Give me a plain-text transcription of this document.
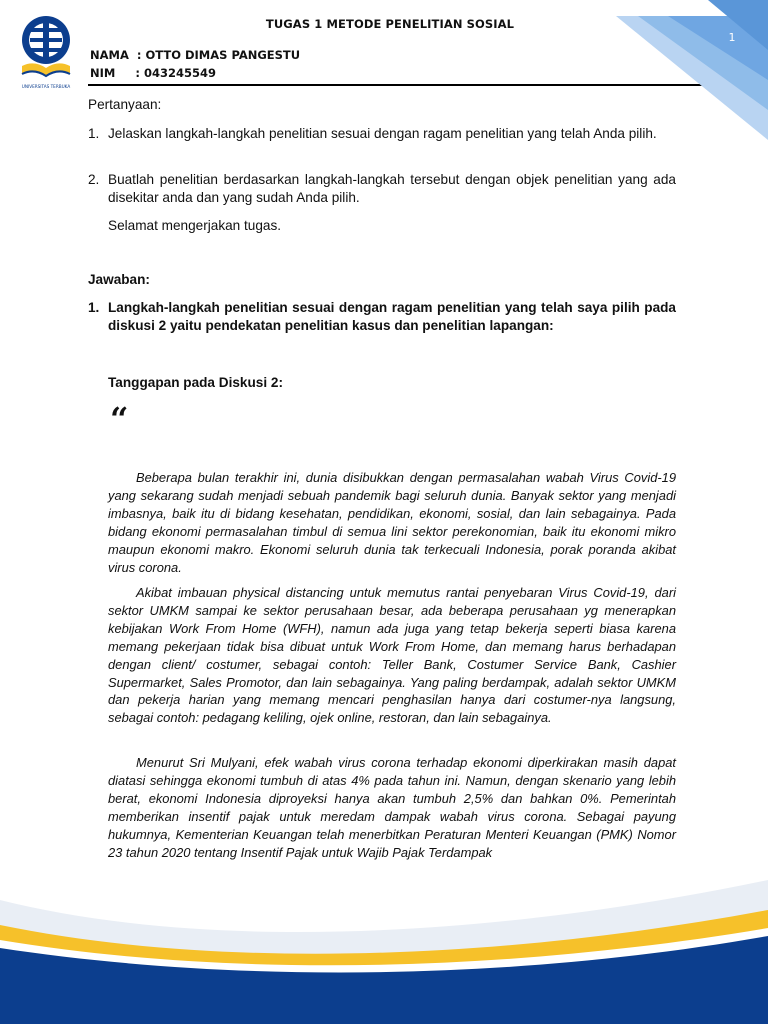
UNIVERSITAS TERBUKA
TUGAS 1 METODE PENELITIAN SOSIAL
NAMA  : OTTO DIMAS PANGESTU
NIM     : 043245549
1
Pertanyaan:
1. Jelaskan langkah-langkah penelitian sesuai dengan ragam penelitian yang telah Anda pilih.
2. Buatlah penelitian berdasarkan langkah-langkah tersebut dengan objek penelitian yang ada disekitar anda dan yang sudah Anda pilih.
Selamat mengerjakan tugas.
Jawaban:
1. Langkah-langkah penelitian sesuai dengan ragam penelitian yang telah saya pilih pada diskusi 2 yaitu pendekatan penelitian kasus dan penelitian lapangan:
Tanggapan pada Diskusi 2:
“
Beberapa bulan terakhir ini, dunia disibukkan dengan permasalahan wabah Virus Covid-19 yang sekarang sudah menjadi sebuah pandemik bagi seluruh dunia. Banyak sektor yang menjadi imbasnya, baik itu di bidang kesehatan, pendidikan, ekonomi, sosial, dan lain sebagainya. Pada bidang ekonomi permasalahan timbul di semua lini sektor perekonomian, baik itu ekonomi mikro maupun ekonomi makro. Ekonomi seluruh dunia tak terkecuali Indonesia, porak poranda akibat virus corona.
Akibat imbauan physical distancing untuk memutus rantai penyebaran Virus Covid-19, dari sektor UMKM sampai ke sektor perusahaan besar, ada beberapa perusahaan yg menerapkan kebijakan Work From Home (WFH), namun ada juga yang tetap bekerja seperti biasa karena memang pekerjaan tidak bisa dibuat untuk Work From Home, dan memang harus berhadapan dengan client/ costumer, sebagai contoh: Teller Bank, Costumer Service Bank, Cashier Supermarket, Sales Promotor, dan lain sebagainya. Yang paling berdampak, adalah sektor UMKM dan pekerja harian yang memang mencari penghasilan hanya dari costumer-nya langsung, sebagai contoh: pedagang keliling, ojek online, restoran, dan lain sebagainya.
Menurut Sri Mulyani, efek wabah virus corona terhadap ekonomi diperkirakan masih dapat diatasi sehingga ekonomi tumbuh di atas 4% pada tahun ini. Namun, dengan skenario yang lebih berat, ekonomi Indonesia diproyeksi hanya akan tumbuh 2,5% dan bahkan 0%. Pemerintah memberikan insentif pajak untuk meredam dampak wabah virus corona. Sebagai payung hukumnya, Kementerian Keuangan telah menerbitkan Peraturan Menteri Keuangan (PMK) Nomor 23 tahun 2020 tentang Insentif Pajak untuk Wajib Pajak Terdampak
